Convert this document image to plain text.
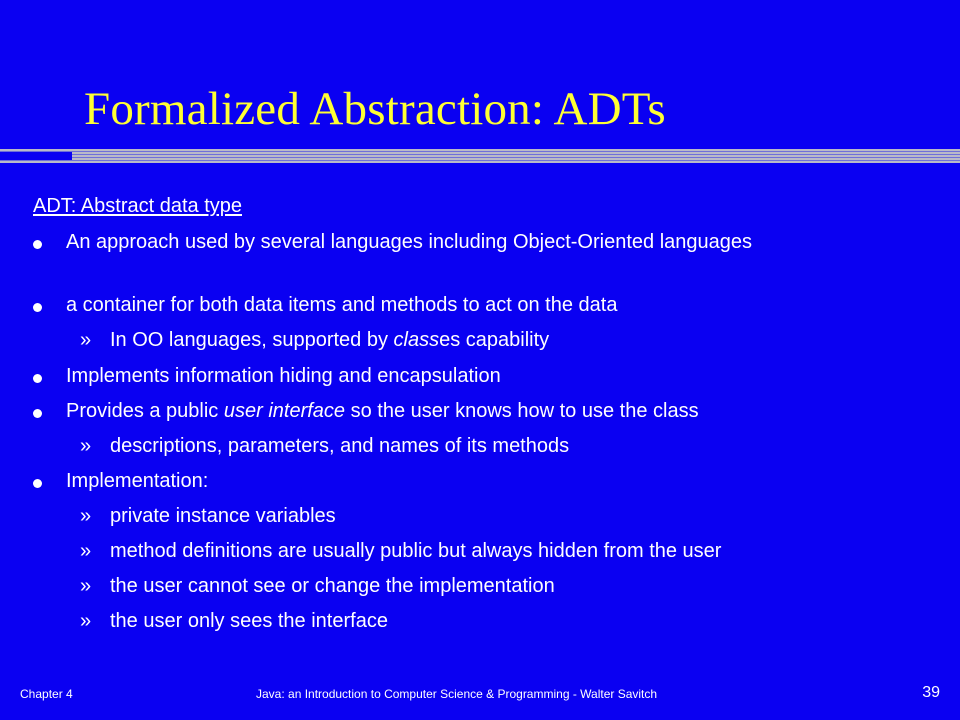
Formalized Abstraction: ADTs
ADT: Abstract data type
An approach used by several languages including Object-Oriented languages
a container for both data items and methods to act on the data
» In OO languages, supported by classes capability
Implements information hiding and encapsulation
Provides a public user interface so the user knows how to use the class
» descriptions, parameters, and names of its methods
Implementation:
» private instance variables
» method definitions are usually public but always hidden from the user
» the user cannot see or change the implementation
» the user only sees the interface
Chapter 4	Java: an Introduction to Computer Science & Programming - Walter Savitch	39
